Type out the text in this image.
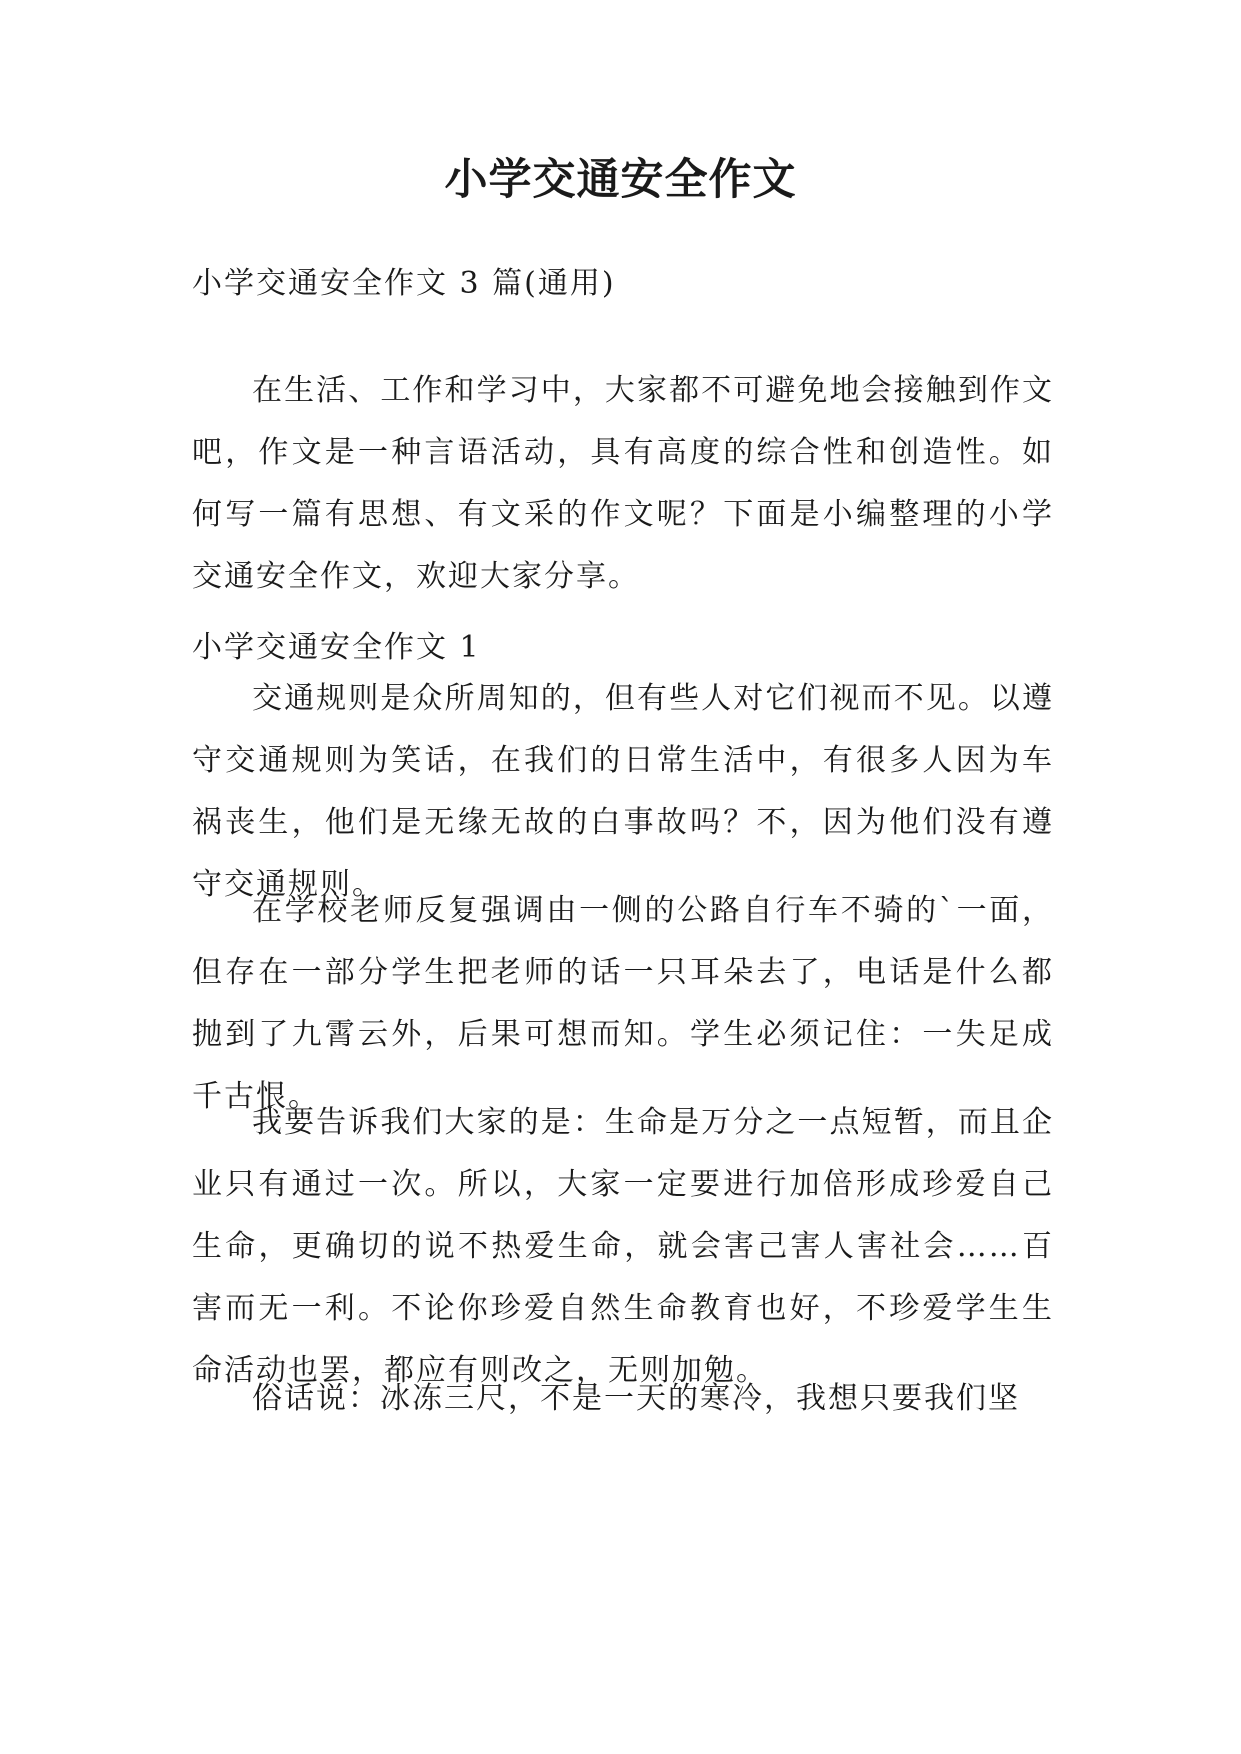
小学交通安全作文

小学交通安全作文 3 篇(通用)

在生活、工作和学习中，大家都不可避免地会接触到作文吧，作文是一种言语活动，具有高度的综合性和创造性。如何写一篇有思想、有文采的作文呢？下面是小编整理的小学交通安全作文，欢迎大家分享。

小学交通安全作文 1

交通规则是众所周知的，但有些人对它们视而不见。以遵守交通规则为笑话，在我们的日常生活中，有很多人因为车祸丧生，他们是无缘无故的白事故吗？不，因为他们没有遵守交通规则。

在学校老师反复强调由一侧的公路自行车不骑的`一面，但存在一部分学生把老师的话一只耳朵去了，电话是什么都抛到了九霄云外，后果可想而知。学生必须记住：一失足成千古恨。

我要告诉我们大家的是：生命是万分之一点短暂，而且企业只有通过一次。所以，大家一定要进行加倍形成珍爱自己生命，更确切的说不热爱生命，就会害己害人害社会……百害而无一利。不论你珍爱自然生命教育也好，不珍爱学生生命活动也罢，都应有则改之，无则加勉。

俗话说：冰冻三尺，不是一天的寒冷，我想只要我们坚
